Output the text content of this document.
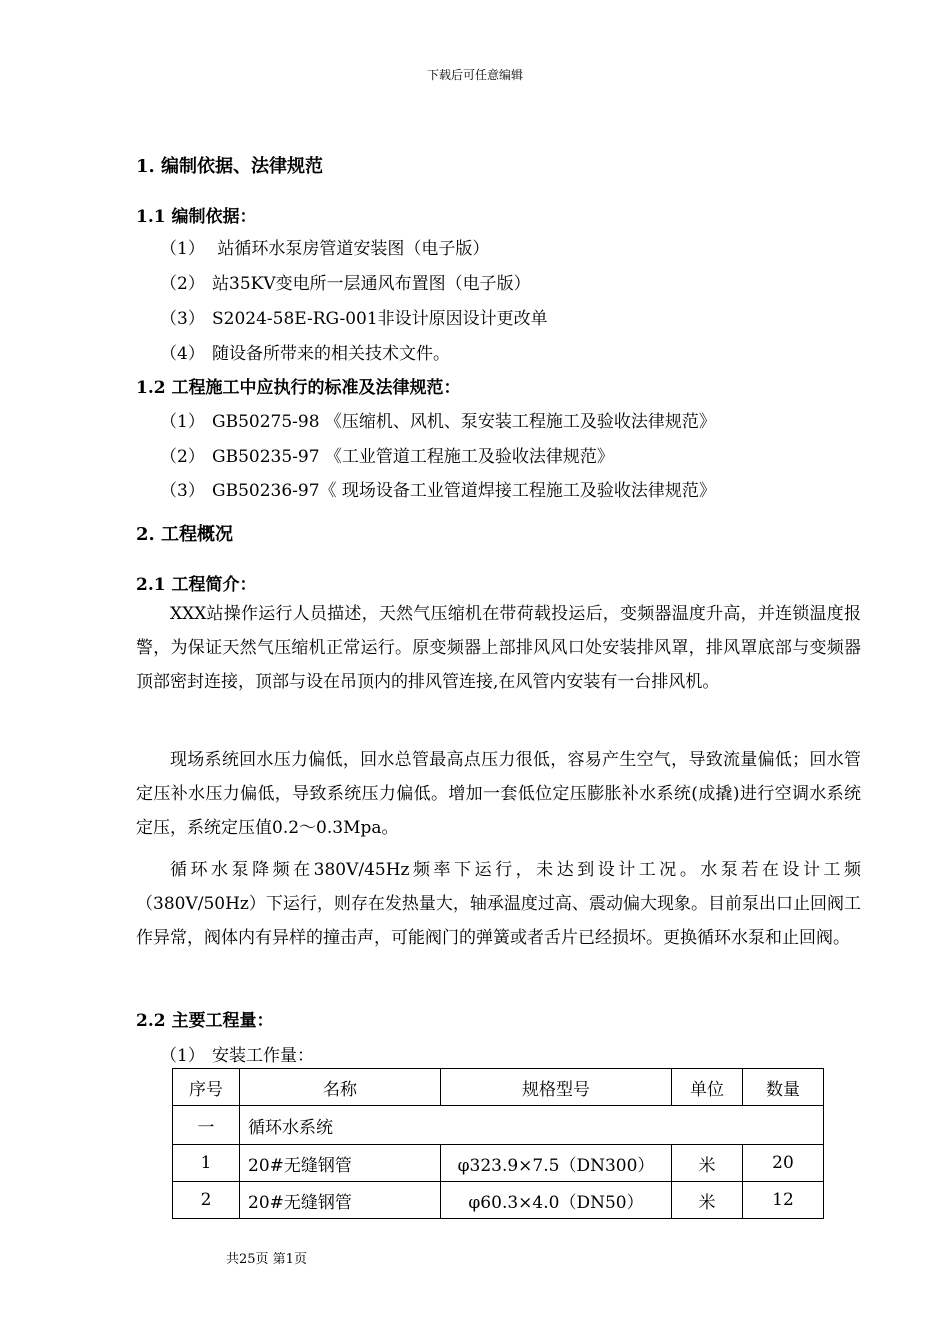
下载后可任意编辑
1. 编制依据、法律规范
1.1 编制依据：
（1） 站循环水泵房管道安装图（电子版）
（2） 站35KV变电所一层通风布置图（电子版）
（3） S2024-58E-RG-001非设计原因设计更改单
（4） 随设备所带来的相关技术文件。
1.2 工程施工中应执行的标准及法律规范：
（1） GB50275-98 《压缩机、风机、泵安装工程施工及验收法律规范》
（2） GB50235-97 《工业管道工程施工及验收法律规范》
（3） GB50236-97《 现场设备工业管道焊接工程施工及验收法律规范》
2. 工程概况
2.1 工程简介：
XXX站操作运行人员描述，天然气压缩机在带荷载投运后，变频器温度升高，并连锁温度报警，为保证天然气压缩机正常运行。原变频器上部排风风口处安装排风罩，排风罩底部与变频器顶部密封连接，顶部与设在吊顶内的排风管连接,在风管内安装有一台排风机。
现场系统回水压力偏低，回水总管最高点压力很低，容易产生空气，导致流量偏低；回水管定压补水压力偏低，导致系统压力偏低。增加一套低位定压膨胀补水系统(成撬)进行空调水系统定压，系统定压值0.2～0.3Mpa。
循环水泵降频在380V/45Hz频率下运行，未达到设计工况。水泵若在设计工频（380V/50Hz）下运行，则存在发热量大，轴承温度过高、震动偏大现象。目前泵出口止回阀工作异常，阀体内有异样的撞击声，可能阀门的弹簧或者舌片已经损坏。更换循环水泵和止回阀。
2.2 主要工程量：
（1） 安装工作量：
序号	名称	规格型号	单位	数量
一	循环水系统			
1	20#无缝钢管	φ323.9×7.5（DN300）	米	20
2	20#无缝钢管	φ60.3×4.0（DN50）	米	12
共25页 第1页
